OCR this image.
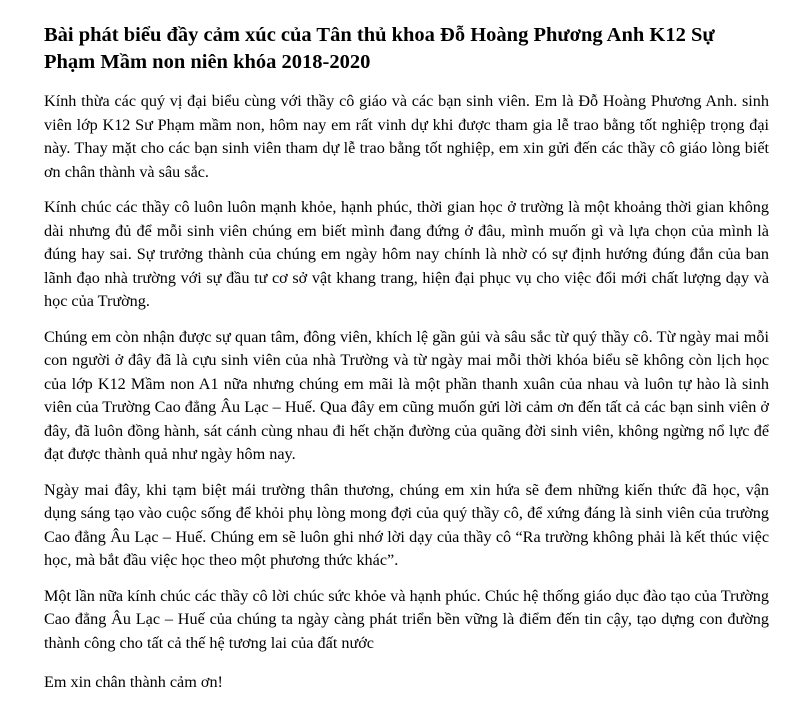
Bài phát biểu đầy cảm xúc của Tân thủ khoa Đỗ Hoàng Phương Anh K12 Sự Phạm Mầm non niên khóa 2018-2020

Kính thừa các quý vị đại biểu cùng với thầy cô giáo và các bạn sinh viên. Em là Đỗ Hoàng Phương Anh. sinh viên lớp K12 Sư Phạm mầm non, hôm nay em rất vinh dự khi được tham gia lễ trao bằng tốt nghiệp trọng đại này. Thay mặt cho các bạn sinh viên tham dự lễ trao bằng tốt nghiệp, em xin gửi đến các thầy cô giáo lòng biết ơn chân thành và sâu sắc.

Kính chúc các thầy cô luôn luôn mạnh khỏe, hạnh phúc, thời gian học ở trường là một khoảng thời gian không dài nhưng đủ để mỗi sinh viên chúng em biết mình đang đứng ở đâu, mình muốn gì và lựa chọn của mình là đúng hay sai. Sự trưởng thành của chúng em ngày hôm nay chính là nhờ có sự định hướng đúng đắn của ban lãnh đạo nhà trường với sự đầu tư cơ sở vật khang trang, hiện đại phục vụ cho việc đổi mới chất lượng dạy và học của Trường.

Chúng em còn nhận được sự quan tâm, đông viên, khích lệ gần gủi và sâu sắc từ quý thầy cô. Từ ngày mai mỗi con người ở đây đã là cựu sinh viên của nhà Trường và từ ngày mai mỗi thời khóa biểu sẽ không còn lịch học của lớp K12 Mầm non A1 nữa nhưng chúng em mãi là một phần thanh xuân của nhau và luôn tự hào là sinh viên của Trường Cao đẳng Âu Lạc – Huế. Qua đây em cũng muốn gửi lời cảm ơn đến tất cả các bạn sinh viên ở đây, đã luôn đồng hành, sát cánh cùng nhau đi hết chặn đường của quãng đời sinh viên, không ngừng nổ lực để đạt được thành quả như ngày hôm nay.

Ngày mai đây, khi tạm biệt mái trường thân thương, chúng em xin hứa sẽ đem những kiến thức đã học, vận dụng sáng tạo vào cuộc sống để khỏi phụ lòng mong đợi của quý thầy cô, để xứng đáng là sinh viên của trường Cao đẳng Âu Lạc – Huế. Chúng em sẽ luôn ghi nhớ lời dạy của thầy cô “Ra trường không phải là kết thúc việc học, mà bắt đầu việc học theo một phương thức khác”.

Một lần nữa kính chúc các thầy cô lời chúc sức khỏe và hạnh phúc. Chúc hệ thống giáo dục đào tạo của Trường Cao đẳng Âu Lạc – Huế của chúng ta ngày càng phát triển bền vững là điểm đến tin cậy, tạo dựng con đường thành công cho tất cả thế hệ tương lai của đất nước

Em xin chân thành cảm ơn!
